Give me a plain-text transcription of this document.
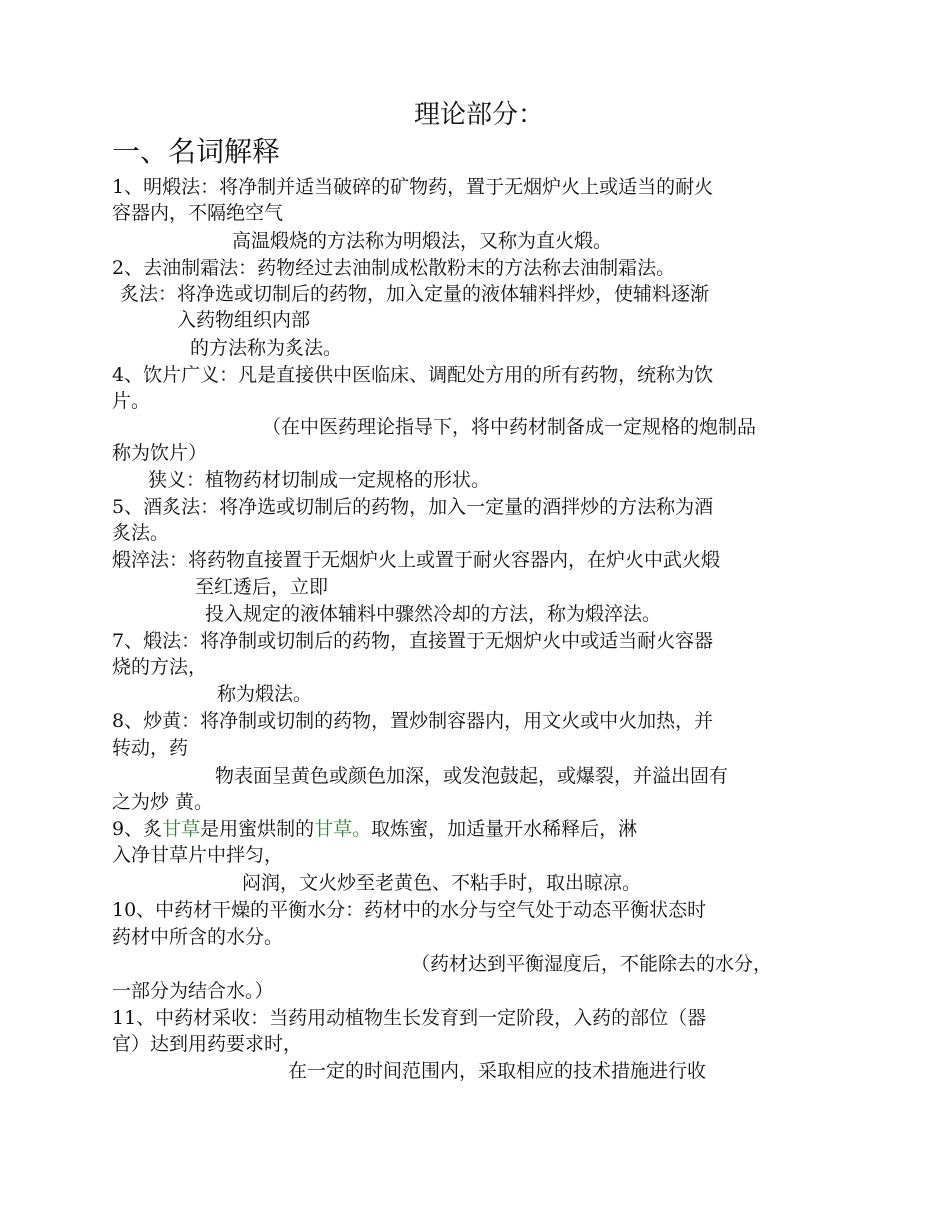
理论部分：
一、名词解释
1、明煅法：将净制并适当破碎的矿物药，置于无烟炉火上或适当的耐火
容器内，不隔绝空气
高温煅烧的方法称为明煅法，又称为直火煅。
2、去油制霜法：药物经过去油制成松散粉末的方法称去油制霜法。
炙法：将净选或切制后的药物，加入定量的液体辅料拌炒，使辅料逐渐
入药物组织内部
的方法称为炙法。
4、饮片广义：凡是直接供中医临床、调配处方用的所有药物，统称为饮
片。
（在中医药理论指导下，将中药材制备成一定规格的炮制品
称为饮片）
狭义：植物药材切制成一定规格的形状。
5、酒炙法：将净选或切制后的药物，加入一定量的酒拌炒的方法称为酒
炙法。
煅淬法：将药物直接置于无烟炉火上或置于耐火容器内，在炉火中武火煅
至红透后，立即
投入规定的液体辅料中骤然冷却的方法，称为煅淬法。
7、煅法：将净制或切制后的药物，直接置于无烟炉火中或适当耐火容器
烧的方法，
称为煅法。
8、炒黄：将净制或切制的药物，置炒制容器内，用文火或中火加热，并
转动，药
物表面呈黄色或颜色加深，或发泡鼓起，或爆裂，并溢出固有
之为炒 黄。
9、炙甘草是用蜜烘制的甘草。取炼蜜，加适量开水稀释后，淋
入净甘草片中拌匀，
闷润，文火炒至老黄色、不粘手时，取出晾凉。
10、中药材干燥的平衡水分：药材中的水分与空气处于动态平衡状态时
药材中所含的水分。
（药材达到平衡湿度后，不能除去的水分，
一部分为结合水。）
11、中药材采收：当药用动植物生长发育到一定阶段，入药的部位（器
官）达到用药要求时，
在一定的时间范围内，采取相应的技术措施进行收
